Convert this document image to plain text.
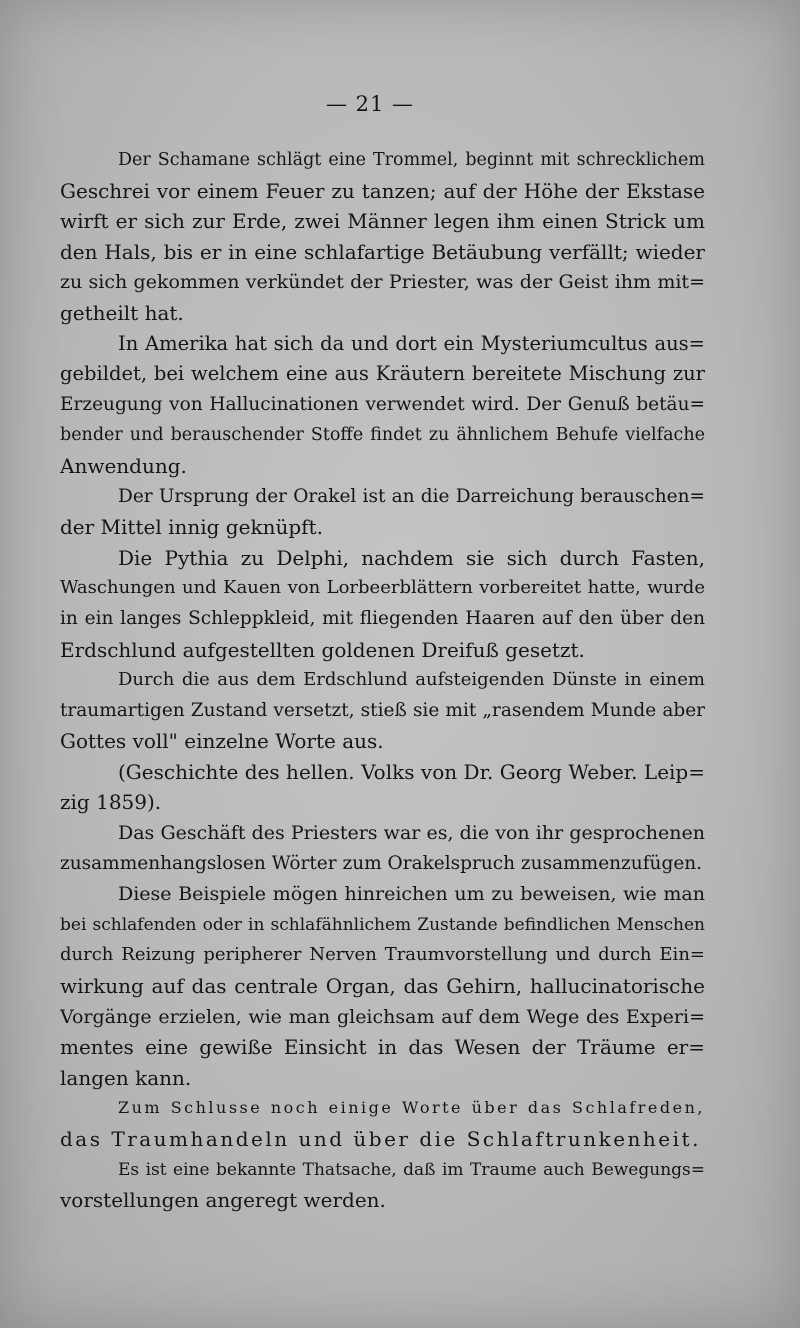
— 21 —
Der Schamane schlägt eine Trommel, beginnt mit schrecklichem
Geschrei vor einem Feuer zu tanzen; auf der Höhe der Ekstase
wirft er sich zur Erde, zwei Männer legen ihm einen Strick um
den Hals, bis er in eine schlafartige Betäubung verfällt; wieder
zu sich gekommen verkündet der Priester, was der Geist ihm mit=
getheilt hat.
In Amerika hat sich da und dort ein Mysteriumcultus aus=
gebildet, bei welchem eine aus Kräutern bereitete Mischung zur
Erzeugung von Hallucinationen verwendet wird. Der Genuß betäu=
bender und berauschender Stoffe findet zu ähnlichem Behufe vielfache
Anwendung.
Der Ursprung der Orakel ist an die Darreichung berauschen=
der Mittel innig geknüpft.
Die Pythia zu Delphi, nachdem sie sich durch Fasten,
Waschungen und Kauen von Lorbeerblättern vorbereitet hatte, wurde
in ein langes Schleppkleid, mit fliegenden Haaren auf den über den
Erdschlund aufgestellten goldenen Dreifuß gesetzt.
Durch die aus dem Erdschlund aufsteigenden Dünste in einem
traumartigen Zustand versetzt, stieß sie mit „rasendem Munde aber
Gottes voll" einzelne Worte aus.
(Geschichte des hellen. Volks von Dr. Georg Weber. Leip=
zig 1859).
Das Geschäft des Priesters war es, die von ihr gesprochenen
zusammenhangslosen Wörter zum Orakelspruch zusammenzufügen.
Diese Beispiele mögen hinreichen um zu beweisen, wie man
bei schlafenden oder in schlafähnlichem Zustande befindlichen Menschen
durch Reizung peripherer Nerven Traumvorstellung und durch Ein=
wirkung auf das centrale Organ, das Gehirn, hallucinatorische
Vorgänge erzielen, wie man gleichsam auf dem Wege des Experi=
mentes eine gewiße Einsicht in das Wesen der Träume er=
langen kann.
Zum Schlusse noch einige Worte über das Schlafreden,
das Traumhandeln und über die Schlaftrunkenheit.
Es ist eine bekannte Thatsache, daß im Traume auch Bewegungs=
vorstellungen angeregt werden.
